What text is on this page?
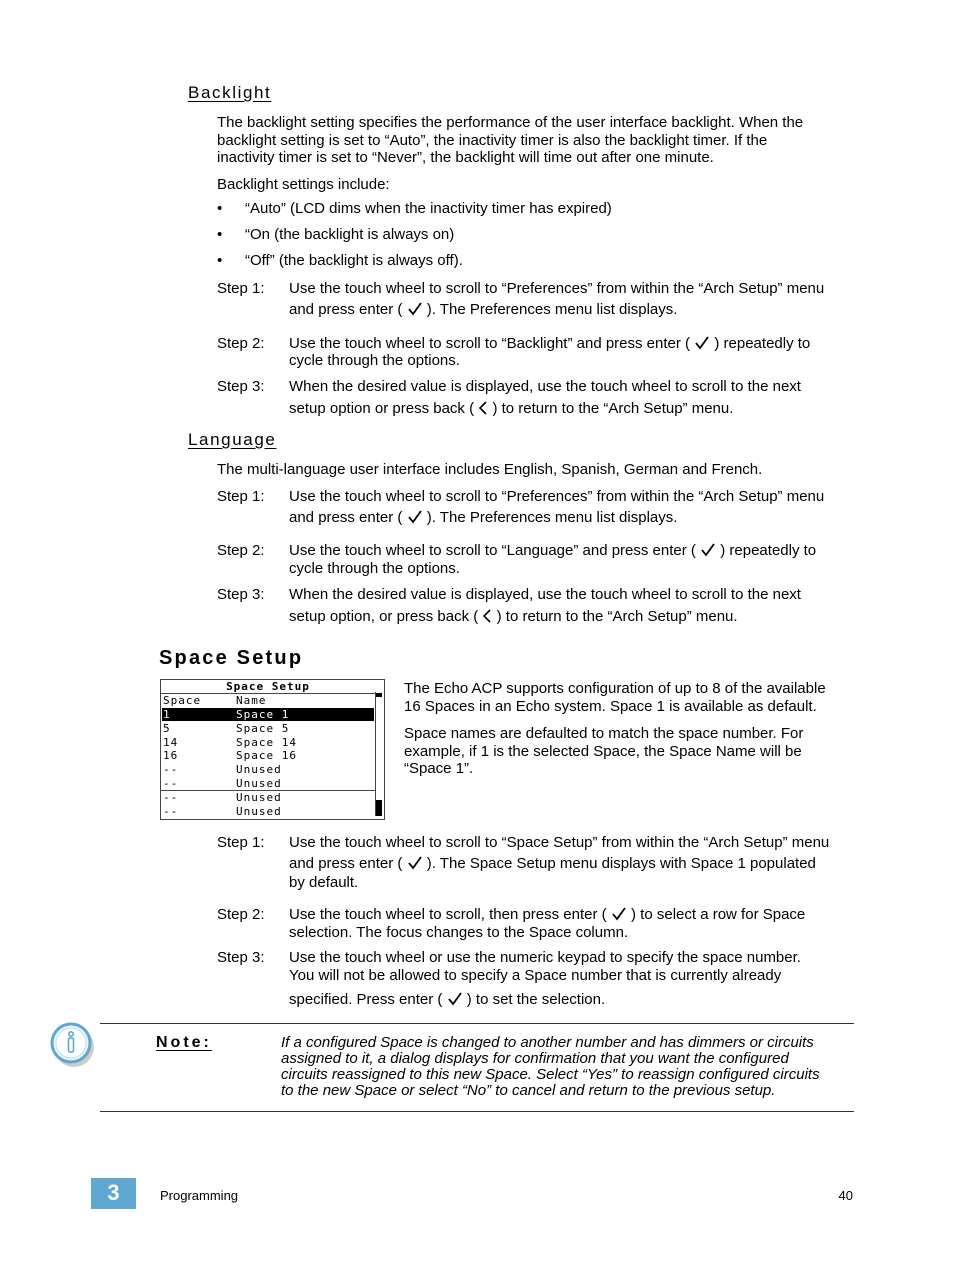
Backlight
The backlight setting specifies the performance of the user interface backlight. When the
backlight setting is set to “Auto”, the inactivity timer is also the backlight timer. If the
inactivity timer is set to “Never”, the backlight will time out after one minute.
Backlight settings include:
• “Auto” (LCD dims when the inactivity timer has expired)
• “On (the backlight is always on)
• “Off” (the backlight is always off).
Step 1: Use the touch wheel to scroll to “Preferences” from within the “Arch Setup” menu
and press enter ( ). The Preferences menu list displays.
Step 2: Use the touch wheel to scroll to “Backlight” and press enter ( ) repeatedly to
cycle through the options.
Step 3: When the desired value is displayed, use the touch wheel to scroll to the next
setup option or press back ( ) to return to the “Arch Setup” menu.
Language
The multi-language user interface includes English, Spanish, German and French.
Step 1: Use the touch wheel to scroll to “Preferences” from within the “Arch Setup” menu
and press enter ( ). The Preferences menu list displays.
Step 2: Use the touch wheel to scroll to “Language” and press enter ( ) repeatedly to
cycle through the options.
Step 3: When the desired value is displayed, use the touch wheel to scroll to the next
setup option, or press back ( ) to return to the “Arch Setup” menu.
Space Setup
Space Setup
Space	Name
1	Space 1
5	Space 5
14	Space 14
16	Space 16
--	Unused
--	Unused
--	Unused
--	Unused
The Echo ACP supports configuration of up to 8 of the available
16 Spaces in an Echo system. Space 1 is available as default.
Space names are defaulted to match the space number. For
example, if 1 is the selected Space, the Space Name will be
“Space 1”.
Step 1: Use the touch wheel to scroll to “Space Setup” from within the “Arch Setup” menu
and press enter ( ). The Space Setup menu displays with Space 1 populated
by default.
Step 2: Use the touch wheel to scroll, then press enter ( ) to select a row for Space
selection. The focus changes to the Space column.
Step 3: Use the touch wheel or use the numeric keypad to specify the space number.
You will not be allowed to specify a Space number that is currently already
specified. Press enter ( ) to set the selection.
Note:	If a configured Space is changed to another number and has dimmers or circuits
assigned to it, a dialog displays for confirmation that you want the configured
circuits reassigned to this new Space. Select “Yes” to reassign configured circuits
to the new Space or select “No” to cancel and return to the previous setup.
3	Programming	40
